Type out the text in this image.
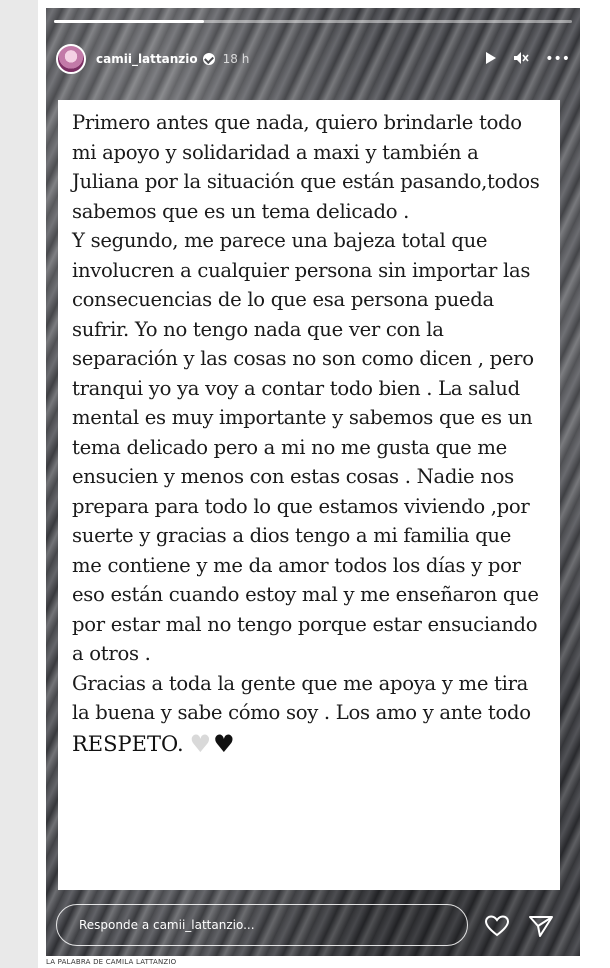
camii_lattanzio 18 h	•••

Primero antes que nada, quiero brindarle todo mi apoyo y solidaridad a maxi y también a Juliana por la situación que están pasando,todos sabemos que es un tema delicado .
Y segundo, me parece una bajeza total que involucren a cualquier persona sin importar las consecuencias de lo que esa persona pueda sufrir. Yo no tengo nada que ver con la separación y las cosas no son como dicen , pero tranqui yo ya voy a contar todo bien . La salud mental es muy importante y sabemos que es un tema delicado pero a mi no me gusta que me ensucien y menos con estas cosas . Nadie nos prepara para todo lo que estamos viviendo ,por suerte y gracias a dios tengo a mi familia que me contiene y me da amor todos los días y por eso están cuando estoy mal y me enseñaron que por estar mal no tengo porque estar ensuciando a otros .
Gracias a toda la gente que me apoya y me tira la buena y sabe cómo soy . Los amo y ante todo

RESPETO. ♥ ♥
Responde a camii_lattanzio...
LA PALABRA DE CAMILA LATTANZIO
